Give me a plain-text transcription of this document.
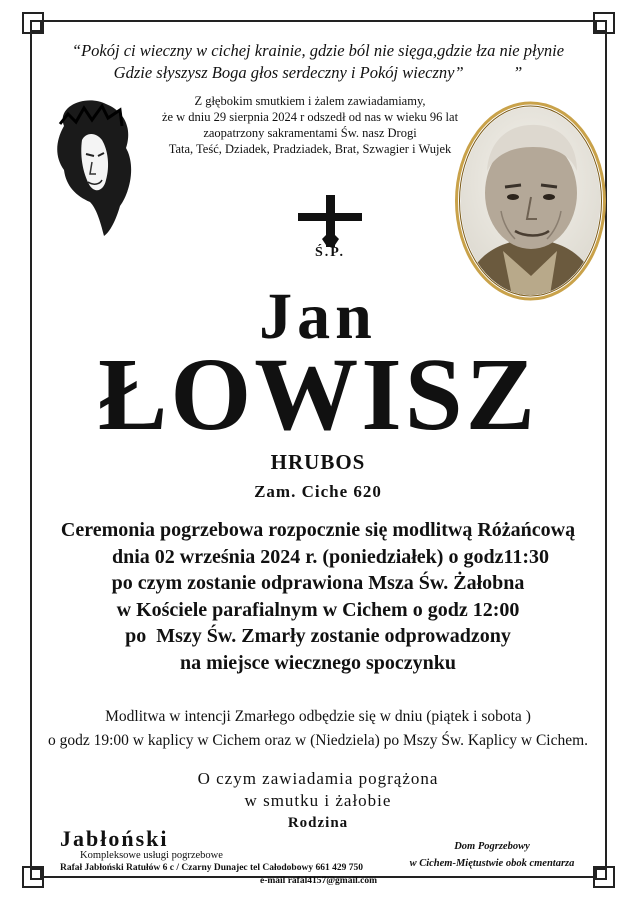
“Pokój ci wieczny w cichej krainie, gdzie ból nie sięga,gdzie łza nie płynie
Gdzie słyszysz Boga głos serdeczny i Pokój wieczny”            ”
Z głębokim smutkiem i żalem zawiadamiamy,
że w dniu 29 sierpnia 2024 r odszedł od nas w wieku 96 lat
zaopatrzony sakramentami Św. nasz Drogi
Tata, Teść, Dziadek, Pradziadek, Brat, Szwagier i Wujek
Ś.P.
Jan
ŁOWISZ
HRUBOS
Zam. Ciche 620
Ceremonia pogrzebowa rozpocznie się modlitwą Różańcową
dnia 02 września 2024 r. (poniedziałek) o godz11:30
po czym zostanie odprawiona Msza Św. Żałobna
w Kościele parafialnym w Cichem o godz 12:00
po  Mszy Św. Zmarły zostanie odprowadzony
na miejsce wiecznego spoczynku
Modlitwa w intencji Zmarłego odbędzie się w dniu (piątek i sobota )
o godz 19:00 w kaplicy w Cichem oraz w (Niedziela) po Mszy Św. Kaplicy w Cichem.
O czym zawiadamia pogrążona
w smutku i żałobie
Rodzina
Jabłoński
Kompleksowe usługi pogrzebowe
Rafał Jabłoński Ratułów 6 c / Czarny Dunajec tel Całodobowy 661 429 750
e-mail rafal4157@gmail.com
Dom Pogrzebowy
w Cichem-Miętustwie obok cmentarza
